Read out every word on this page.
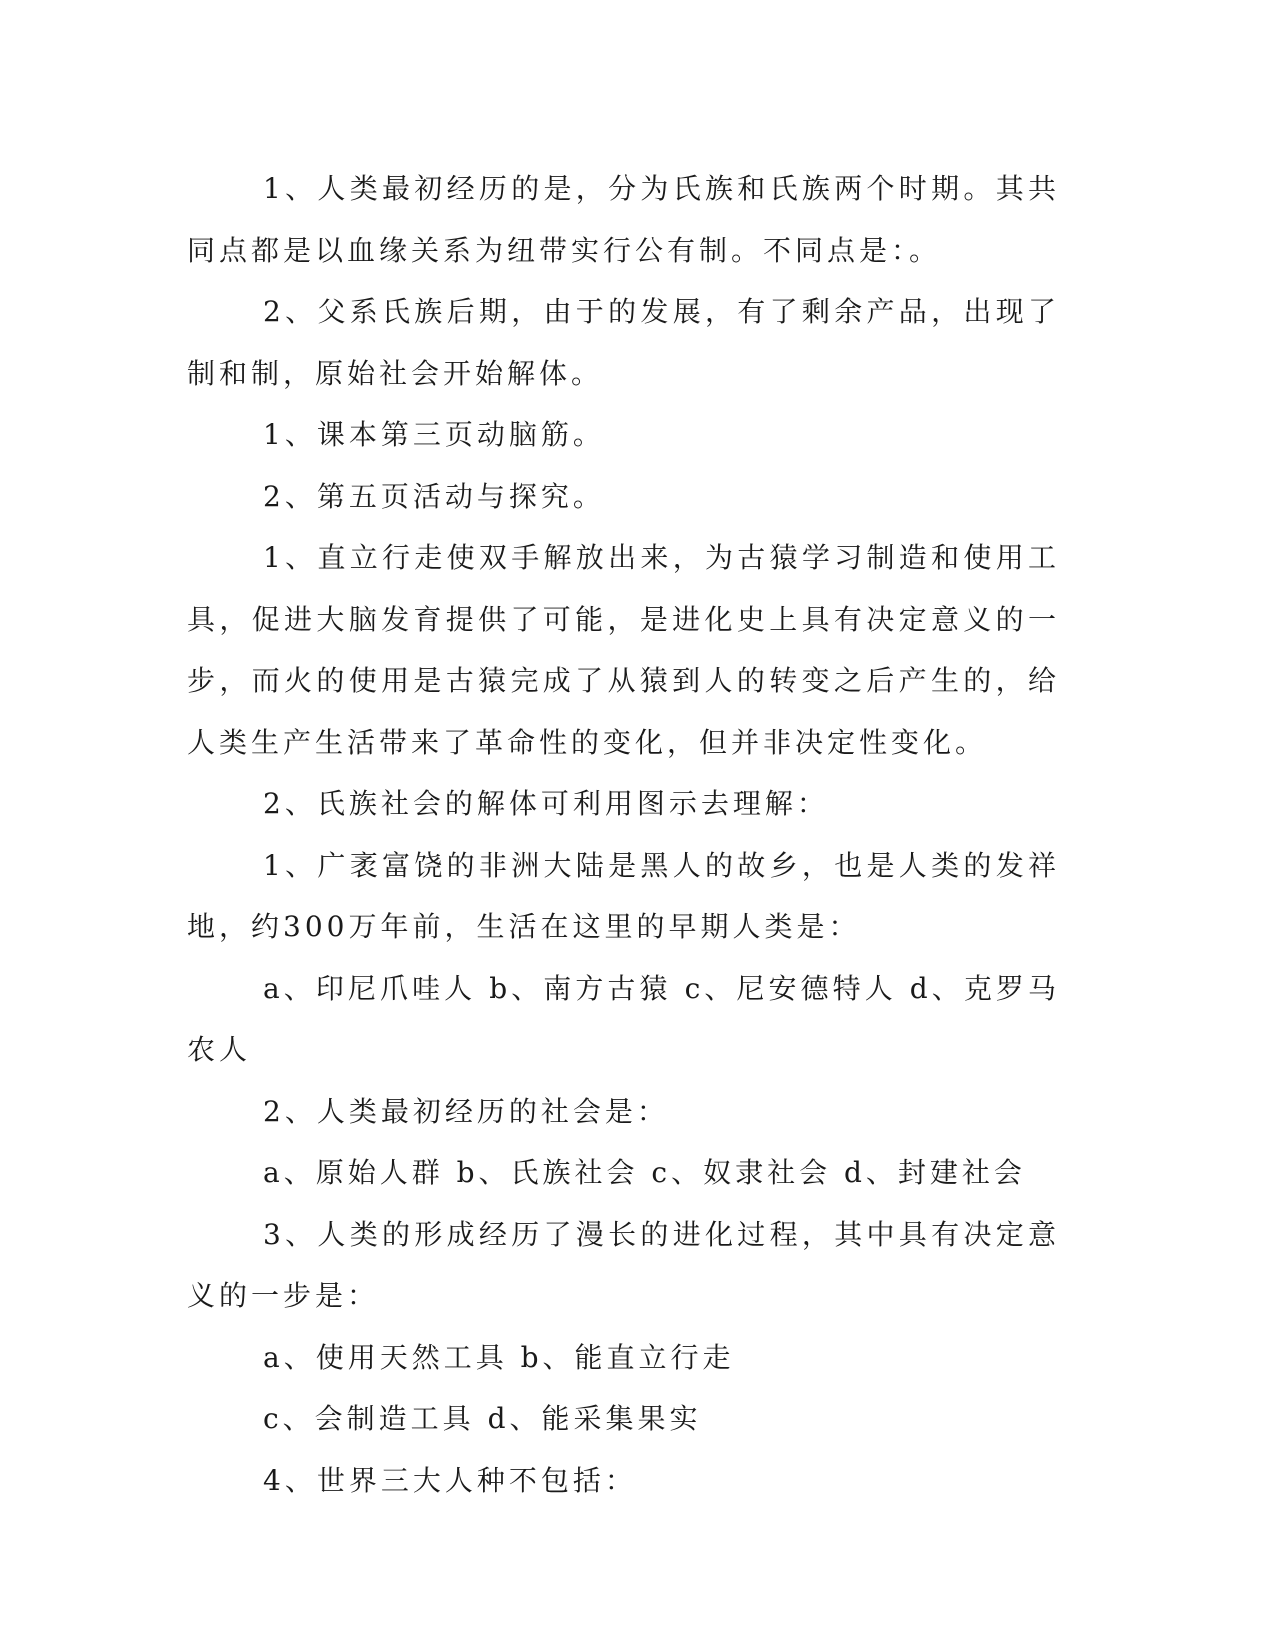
1、人类最初经历的是，分为氏族和氏族两个时期。其共同点都是以血缘关系为纽带实行公有制。不同点是：。

2、父系氏族后期，由于的发展，有了剩余产品，出现了制和制，原始社会开始解体。

1、课本第三页动脑筋。

2、第五页活动与探究。

1、直立行走使双手解放出来，为古猿学习制造和使用工具，促进大脑发育提供了可能，是进化史上具有决定意义的一步，而火的使用是古猿完成了从猿到人的转变之后产生的，给人类生产生活带来了革命性的变化，但并非决定性变化。

2、氏族社会的解体可利用图示去理解：

1、广袤富饶的非洲大陆是黑人的故乡，也是人类的发祥地，约300万年前，生活在这里的早期人类是：

a、印尼爪哇人 b、南方古猿 c、尼安德特人 d、克罗马农人

2、人类最初经历的社会是：

a、原始人群 b、氏族社会 c、奴隶社会 d、封建社会

3、人类的形成经历了漫长的进化过程，其中具有决定意义的一步是：

a、使用天然工具 b、能直立行走

c、会制造工具 d、能采集果实

4、世界三大人种不包括：
